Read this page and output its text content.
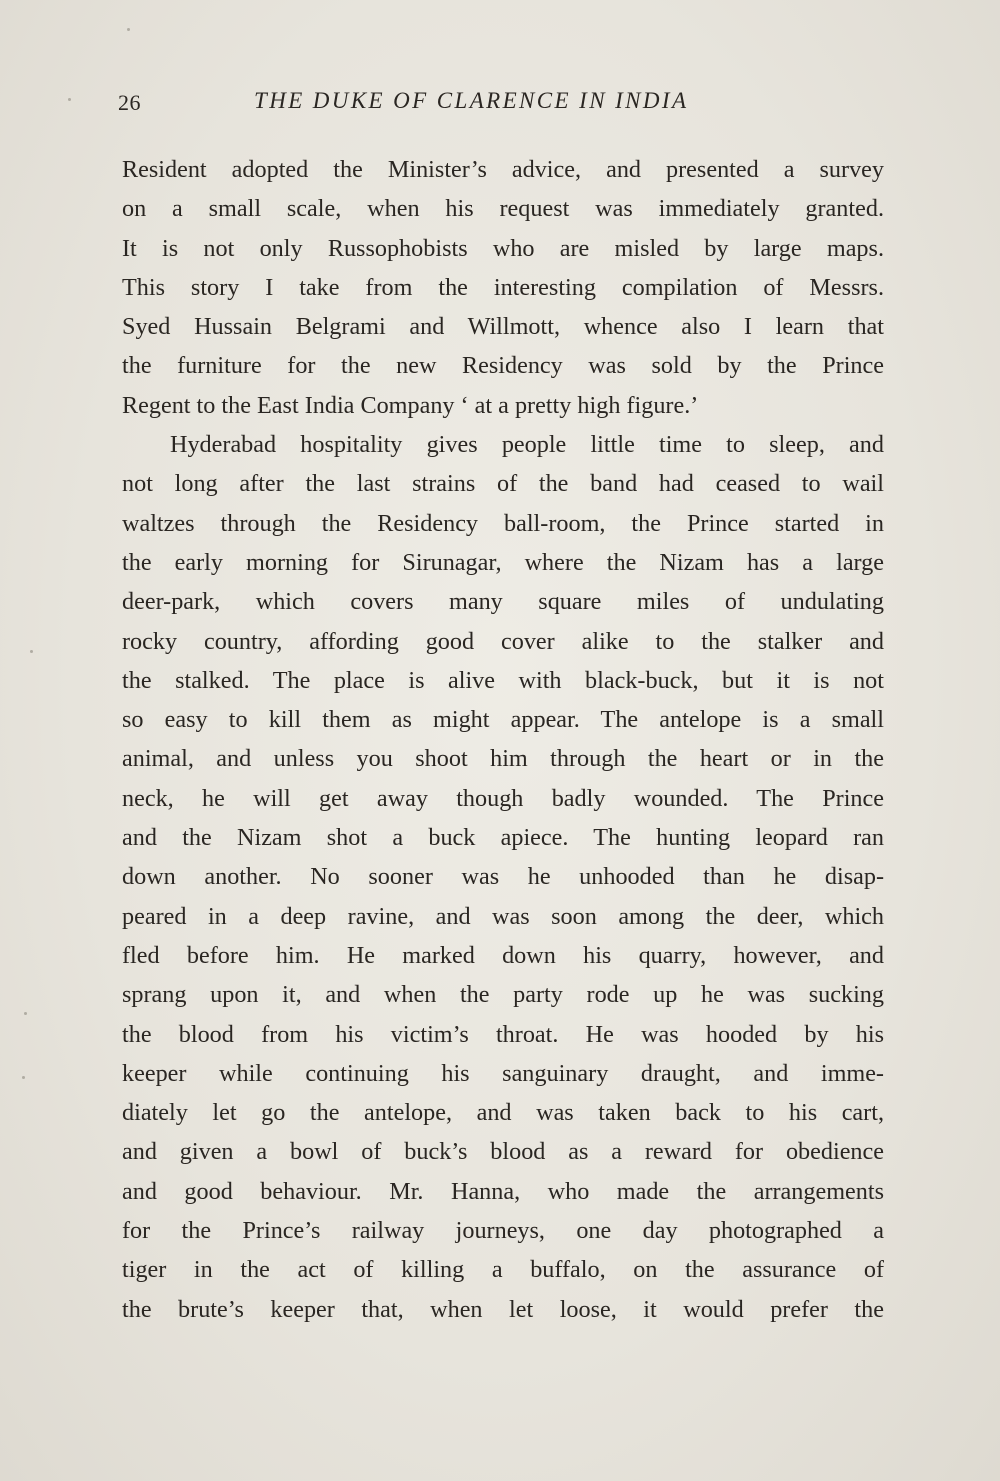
26	THE DUKE OF CLARENCE IN INDIA
Resident adopted the Minister’s advice, and presented a survey
on a small scale, when his request was immediately granted.
It is not only Russophobists who are misled by large maps.
This story I take from the interesting compilation of Messrs.
Syed Hussain Belgrami and Willmott, whence also I learn that
the furniture for the new Residency was sold by the Prince
Regent to the East India Company ‘ at a pretty high figure.’
Hyderabad hospitality gives people little time to sleep, and
not long after the last strains of the band had ceased to wail
waltzes through the Residency ball-room, the Prince started in
the early morning for Sirunagar, where the Nizam has a large
deer-park, which covers many square miles of undulating
rocky country, affording good cover alike to the stalker and
the stalked. The place is alive with black-buck, but it is not
so easy to kill them as might appear. The antelope is a small
animal, and unless you shoot him through the heart or in the
neck, he will get away though badly wounded. The Prince
and the Nizam shot a buck apiece. The hunting leopard ran
down another. No sooner was he unhooded than he disap-
peared in a deep ravine, and was soon among the deer, which
fled before him. He marked down his quarry, however, and
sprang upon it, and when the party rode up he was sucking
the blood from his victim’s throat. He was hooded by his
keeper while continuing his sanguinary draught, and imme-
diately let go the antelope, and was taken back to his cart,
and given a bowl of buck’s blood as a reward for obedience
and good behaviour. Mr. Hanna, who made the arrangements
for the Prince’s railway journeys, one day photographed a
tiger in the act of killing a buffalo, on the assurance of
the brute’s keeper that, when let loose, it would prefer the
